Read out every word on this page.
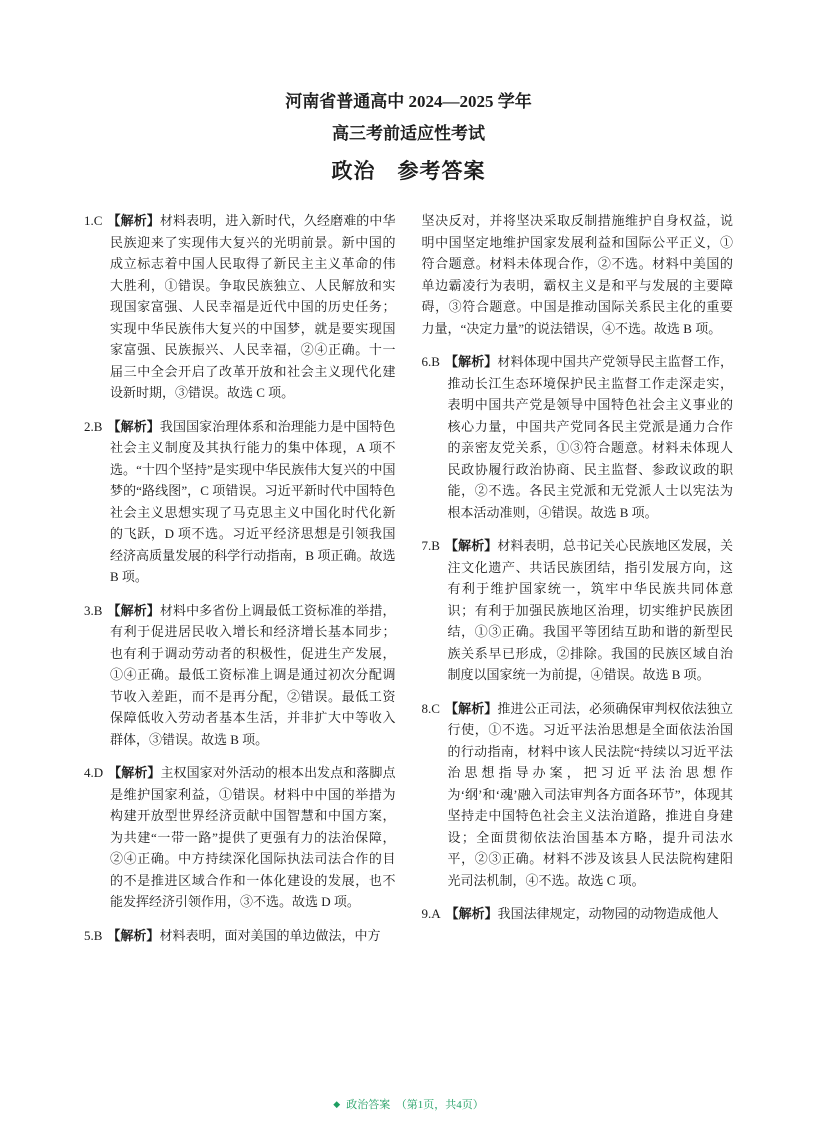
河南省普通高中 2024—2025 学年
高三考前适应性考试
政治　参考答案

1.C 【解析】材料表明，进入新时代，久经磨难的中华民族迎来了实现伟大复兴的光明前景。新中国的成立标志着中国人民取得了新民主主义革命的伟大胜利，①错误。争取民族独立、人民解放和实现国家富强、人民幸福是近代中国的历史任务；实现中华民族伟大复兴的中国梦，就是要实现国家富强、民族振兴、人民幸福，②④正确。十一届三中全会开启了改革开放和社会主义现代化建设新时期，③错误。故选 C 项。

2.B 【解析】我国国家治理体系和治理能力是中国特色社会主义制度及其执行能力的集中体现，A 项不选。“十四个坚持”是实现中华民族伟大复兴的中国梦的“路线图”，C 项错误。习近平新时代中国特色社会主义思想实现了马克思主义中国化时代化新的飞跃，D 项不选。习近平经济思想是引领我国经济高质量发展的科学行动指南，B 项正确。故选 B 项。

3.B 【解析】材料中多省份上调最低工资标准的举措，有利于促进居民收入增长和经济增长基本同步；也有利于调动劳动者的积极性，促进生产发展，①④正确。最低工资标准上调是通过初次分配调节收入差距，而不是再分配，②错误。最低工资保障低收入劳动者基本生活，并非扩大中等收入群体，③错误。故选 B 项。

4.D 【解析】主权国家对外活动的根本出发点和落脚点是维护国家利益，①错误。材料中中国的举措为构建开放型世界经济贡献中国智慧和中国方案，为共建“一带一路”提供了更强有力的法治保障，②④正确。中方持续深化国际执法司法合作的目的不是推进区域合作和一体化建设的发展，也不能发挥经济引领作用，③不选。故选 D 项。

5.B 【解析】材料表明，面对美国的单边做法，中方

坚决反对，并将坚决采取反制措施维护自身权益，说明中国坚定地维护国家发展利益和国际公平正义，①符合题意。材料未体现合作，②不选。材料中美国的单边霸凌行为表明，霸权主义是和平与发展的主要障碍，③符合题意。中国是推动国际关系民主化的重要力量，“决定力量”的说法错误，④不选。故选 B 项。

6.B 【解析】材料体现中国共产党领导民主监督工作，推动长江生态环境保护民主监督工作走深走实，表明中国共产党是领导中国特色社会主义事业的核心力量，中国共产党同各民主党派是通力合作的亲密友党关系，①③符合题意。材料未体现人民政协履行政治协商、民主监督、参政议政的职能，②不选。各民主党派和无党派人士以宪法为根本活动准则，④错误。故选 B 项。

7.B 【解析】材料表明，总书记关心民族地区发展，关注文化遗产、共话民族团结，指引发展方向，这有利于维护国家统一，筑牢中华民族共同体意识；有利于加强民族地区治理，切实维护民族团结，①③正确。我国平等团结互助和谐的新型民族关系早已形成，②排除。我国的民族区域自治制度以国家统一为前提，④错误。故选 B 项。

8.C 【解析】推进公正司法，必须确保审判权依法独立行使，①不选。习近平法治思想是全面依法治国的行动指南，材料中该人民法院“持续以习近平法治思想指导办案，把习近平法治思想作为‘纲’和‘魂’融入司法审判各方面各环节”，体现其坚持走中国特色社会主义法治道路，推进自身建设；全面贯彻依法治国基本方略，提升司法水平，②③正确。材料不涉及该县人民法院构建阳光司法机制，④不选。故选 C 项。

9.A 【解析】我国法律规定，动物园的动物造成他人

◆ 政治答案　（第1页，共4页）
